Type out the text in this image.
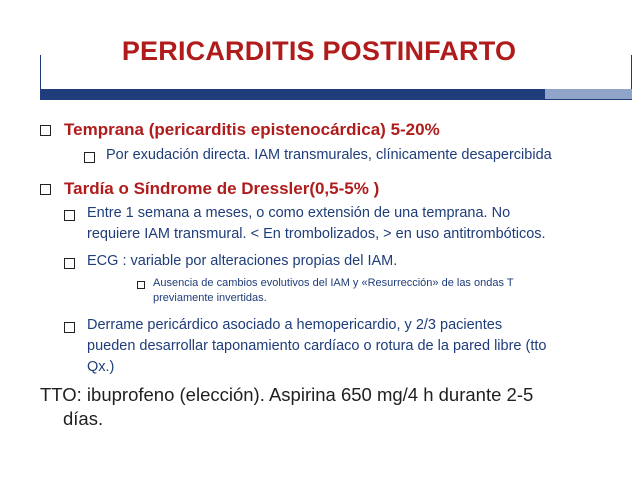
PERICARDITIS POSTINFARTO
Temprana (pericarditis epistenocárdica) 5-20%
Por exudación directa. IAM transmurales, clínicamente desapercibida
Tardía o Síndrome de Dressler(0,5-5% )
Entre 1 semana a meses, o como extensión de una temprana. No
requiere IAM transmural. < En trombolizados, > en uso antitrombóticos.
ECG : variable por alteraciones propias del IAM.
Ausencia de cambios evolutivos del IAM y «Resurrección» de las ondas T
previamente invertidas.
Derrame pericárdico asociado a hemopericardio, y 2/3 pacientes
pueden desarrollar taponamiento cardíaco o rotura de la pared libre (tto
Qx.)
TTO: ibuprofeno (elección). Aspirina 650 mg/4 h durante 2-5
días.
